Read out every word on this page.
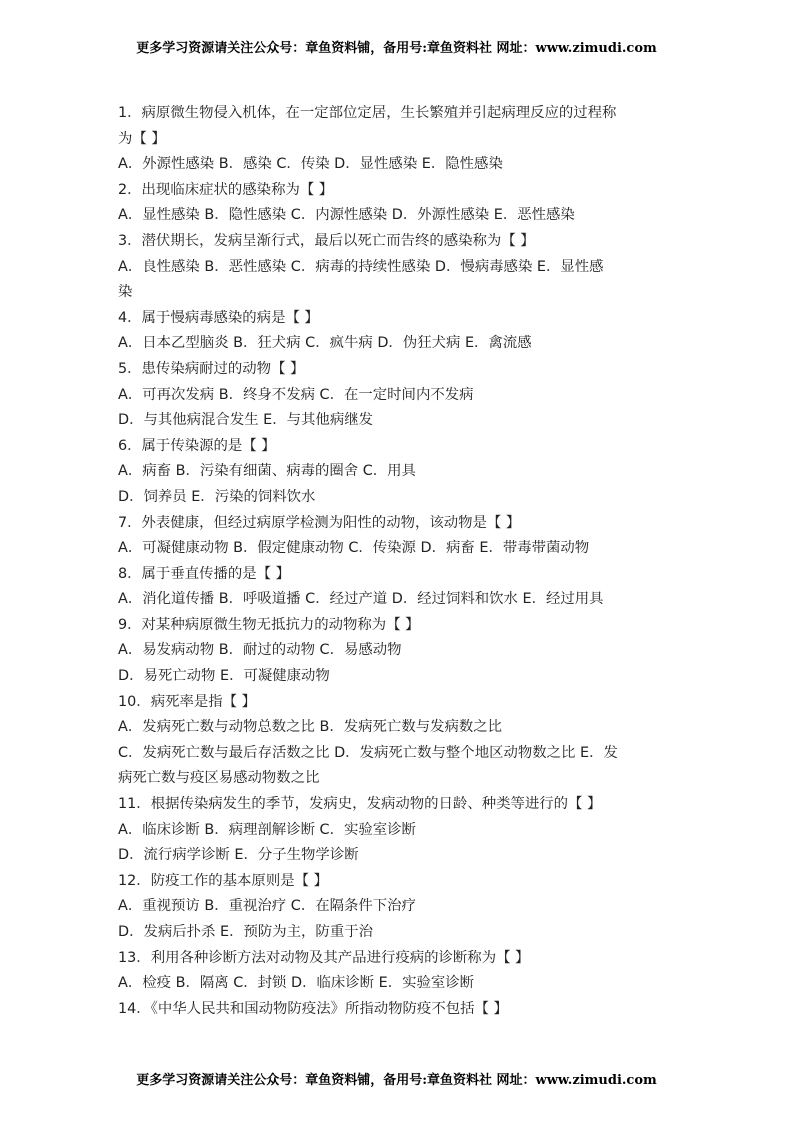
更多学习资源请关注公众号：章鱼资料铺，备用号:章鱼资料社 网址：www.zimudi.com
1．病原微生物侵入机体，在一定部位定居，生长繁殖并引起病理反应的过程称
为【 】
A．外源性感染 B．感染 C．传染 D．显性感染 E．隐性感染
2．出现临床症状的感染称为【 】
A．显性感染 B．隐性感染 C．内源性感染 D．外源性感染 E．恶性感染
3．潜伏期长，发病呈渐行式，最后以死亡而告终的感染称为【 】
A．良性感染 B．恶性感染 C．病毒的持续性感染 D．慢病毒感染 E．显性感
染
4．属于慢病毒感染的病是【 】
A．日本乙型脑炎 B．狂犬病 C．疯牛病 D．伪狂犬病 E．禽流感
5．患传染病耐过的动物【 】
A．可再次发病 B．终身不发病 C．在一定时间内不发病
D．与其他病混合发生 E．与其他病继发
6．属于传染源的是【 】
A．病畜 B．污染有细菌、病毒的圈舍 C．用具
D．饲养员 E．污染的饲料饮水
7．外表健康，但经过病原学检测为阳性的动物，该动物是【 】
A．可凝健康动物 B．假定健康动物 C．传染源 D．病畜 E．带毒带菌动物
8．属于垂直传播的是【 】
A．消化道传播 B．呼吸道播 C．经过产道 D．经过饲料和饮水 E．经过用具
9．对某种病原微生物无抵抗力的动物称为【 】
A．易发病动物 B．耐过的动物 C．易感动物
D．易死亡动物 E．可凝健康动物
10．病死率是指【 】
A．发病死亡数与动物总数之比 B．发病死亡数与发病数之比
C．发病死亡数与最后存活数之比 D．发病死亡数与整个地区动物数之比 E．发
病死亡数与疫区易感动物数之比
11．根据传染病发生的季节，发病史，发病动物的日龄、种类等进行的【 】
A．临床诊断 B．病理剖解诊断 C．实验室诊断
D．流行病学诊断 E．分子生物学诊断
12．防疫工作的基本原则是【 】
A．重视预访 B．重视治疗 C．在隔条件下治疗
D．发病后扑杀 E．预防为主，防重于治
13．利用各种诊断方法对动物及其产品进行疫病的诊断称为【 】
A．检疫 B．隔离 C．封锁 D．临床诊断 E．实验室诊断
14．《中华人民共和国动物防疫法》所指动物防疫不包括【 】
更多学习资源请关注公众号：章鱼资料铺，备用号:章鱼资料社 网址：www.zimudi.com
